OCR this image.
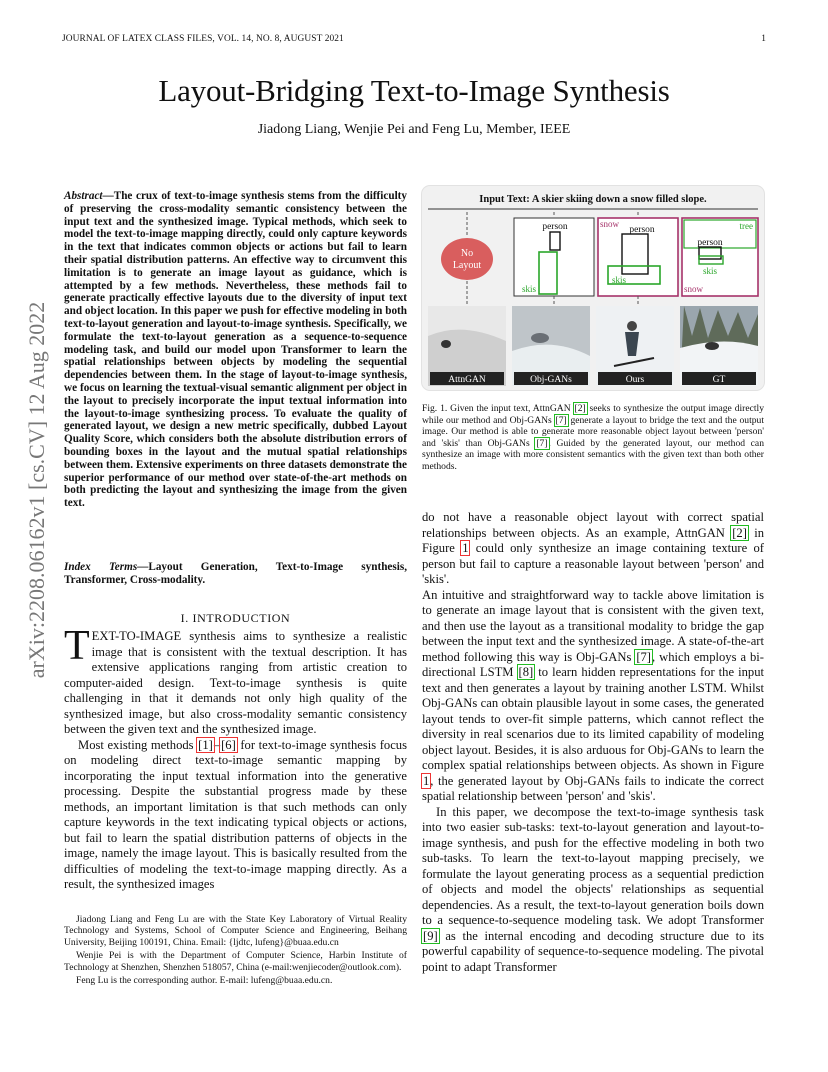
JOURNAL OF LATEX CLASS FILES, VOL. 14, NO. 8, AUGUST 2021	1
Layout-Bridging Text-to-Image Synthesis
Jiadong Liang, Wenjie Pei and Feng Lu, Member, IEEE
arXiv:2208.06162v1 [cs.CV] 12 Aug 2022
Abstract—The crux of text-to-image synthesis stems from the difficulty of preserving the cross-modality semantic consistency between the input text and the synthesized image. Typical methods, which seek to model the text-to-image mapping directly, could only capture keywords in the text that indicates common objects or actions but fail to learn their spatial distribution patterns. An effective way to circumvent this limitation is to generate an image layout as guidance, which is attempted by a few methods. Nevertheless, these methods fail to generate practically effective layouts due to the diversity of input text and object location. In this paper we push for effective modeling in both text-to-layout generation and layout-to-image synthesis. Specifically, we formulate the text-to-layout generation as a sequence-to-sequence modeling task, and build our model upon Transformer to learn the spatial relationships between objects by modeling the sequential dependencies between them. In the stage of layout-to-image synthesis, we focus on learning the textual-visual semantic alignment per object in the layout to precisely incorporate the input textual information into the layout-to-image synthesizing process. To evaluate the quality of generated layout, we design a new metric specifically, dubbed Layout Quality Score, which considers both the absolute distribution errors of bounding boxes in the layout and the mutual spatial relationships between them. Extensive experiments on three datasets demonstrate the superior performance of our method over state-of-the-art methods on both predicting the layout and synthesizing the image from the given text.
Index Terms—Layout Generation, Text-to-Image synthesis, Transformer, Cross-modality.
I. INTRODUCTION

TEXT-TO-IMAGE synthesis aims to synthesize a realistic image that is consistent with the textual description. It has extensive applications ranging from artistic creation to computer-aided design. Text-to-image synthesis is quite challenging in that it demands not only high quality of the synthesized image, but also cross-modality semantic consistency between the given text and the synthesized image.

Most existing methods [1]–[6] for text-to-image synthesis focus on modeling direct text-to-image semantic mapping by incorporating the input textual information into the generative processing. Despite the substantial progress made by these methods, an important limitation is that such methods can only capture keywords in the text indicating typical objects or actions, but fail to learn the spatial distribution patterns of objects in the image, namely the image layout. This is basically resulted from the difficulties of modeling the text-to-image mapping directly. As a result, the synthesized images

Jiadong Liang and Feng Lu are with the State Key Laboratory of Virtual Reality Technology and Systems, School of Computer Science and Engineering, Beihang University, Beijing 100191, China. Email: {ljdtc, lufeng}@buaa.edu.cn

Wenjie Pei is with the Department of Computer Science, Harbin Institute of Technology at Shenzhen, Shenzhen 518057, China (e-mail:wenjiecoder@outlook.com).

Feng Lu is the corresponding author. E-mail: lufeng@buaa.edu.cn.

Input Text: A skier skiing down a snow filled slope.
No
Layout
person
skis
snow
person
skis
tree
person
skis
snow
AttnGAN	Obj-GANs	Ours	GT
Fig. 1. Given the input text, AttnGAN [2] seeks to synthesize the output image directly while our method and Obj-GANs [7] generate a layout to bridge the text and the output image. Our method is able to generate more reasonable object layout between 'person' and 'skis' than Obj-GANs [7]. Guided by the generated layout, our method can synthesize an image with more consistent semantics with the given text than both other methods.

do not have a reasonable object layout with correct spatial relationships between objects. As an example, AttnGAN [2] in Figure 1 could only synthesize an image containing texture of person but fail to capture a reasonable layout between 'person' and 'skis'.

An intuitive and straightforward way to tackle above limitation is to generate an image layout that is consistent with the given text, and then use the layout as a transitional modality to bridge the gap between the input text and the synthesized image. A state-of-the-art method following this way is Obj-GANs [7], which employs a bi-directional LSTM [8] to learn hidden representations for the input text and then generates a layout by training another LSTM. Whilst Obj-GANs can obtain plausible layout in some cases, the generated layout tends to over-fit simple patterns, which cannot reflect the diversity in real scenarios due to its limited capability of modeling object layout. Besides, it is also arduous for Obj-GANs to learn the complex spatial relationships between objects. As shown in Figure 1, the generated layout by Obj-GANs fails to indicate the correct spatial relationship between 'person' and 'skis'.

In this paper, we decompose the text-to-image synthesis task into two easier sub-tasks: text-to-layout generation and layout-to-image synthesis, and push for the effective modeling in both two sub-tasks. To learn the text-to-layout mapping precisely, we formulate the layout generating process as a sequential prediction of objects and model the objects' relationships as sequential dependencies. As a result, the text-to-layout generation boils down to a sequence-to-sequence modeling task. We adopt Transformer [9] as the internal encoding and decoding structure due to its powerful capability of sequence-to-sequence modeling. The pivotal point to adapt Transformer
